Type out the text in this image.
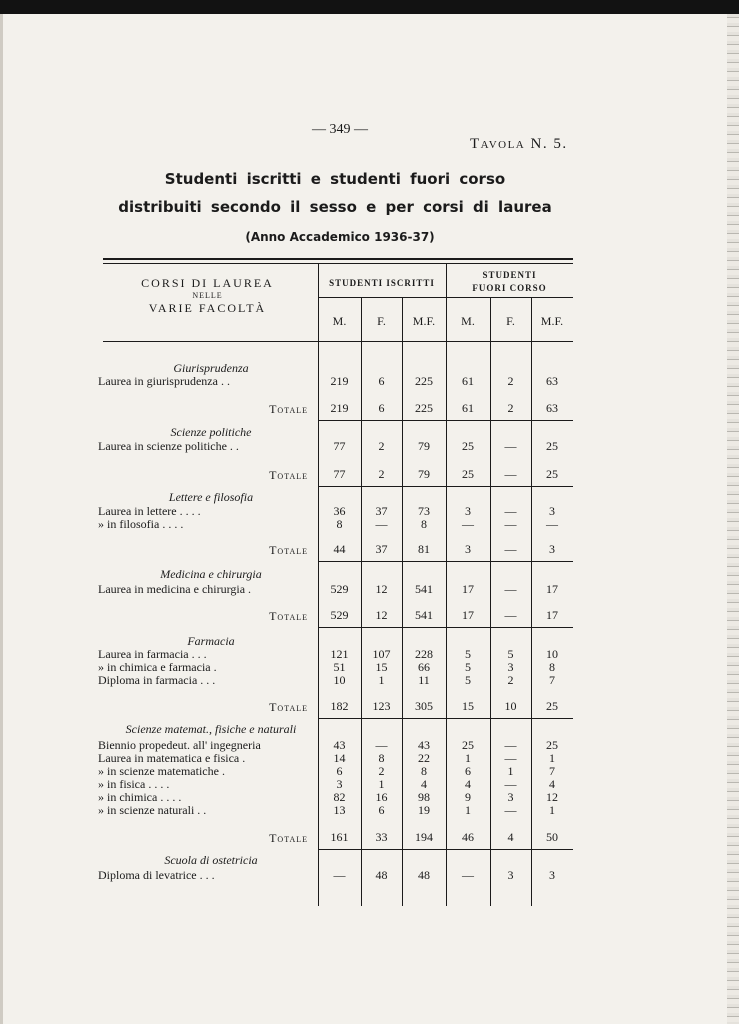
— 349 —
Tavola N. 5.
Studenti iscritti e studenti fuori corso
distribuiti secondo il sesso e per corsi di laurea
(Anno Accademico 1936-37)
CORSI DI LAUREA
NELLE
VARIE FACOLTÀ
STUDENTI ISCRITTI
STUDENTI
FUORI CORSO
M.	F.	M.F.	M.	F.	M.F.
Giurisprudenza
Laurea in giurisprudenza . .	219	6	225	61	2	63
Totale	219	6	225	61	2	63
Scienze politiche
Laurea in scienze politiche . .	77	2	79	25	—	25
Totale	77	2	79	25	—	25
Lettere e filosofia
Laurea in lettere . . . .	36	37	73	3	—	3
» in filosofia . . . .	8	—	8	—	—	—
Totale	44	37	81	3	—	3
Medicina e chirurgia
Laurea in medicina e chirurgia .	529	12	541	17	—	17
Totale	529	12	541	17	—	17
Farmacia
Laurea in farmacia . . .	121	107	228	5	5	10
» in chimica e farmacia .	51	15	66	5	3	8
Diploma in farmacia . . .	10	1	11	5	2	7
Totale	182	123	305	15	10	25
Scienze matemat., fisiche e naturali
Biennio propedeut. all' ingegneria	43	—	43	25	—	25
Laurea in matematica e fisica .	14	8	22	1	—	1
» in scienze matematiche .	6	2	8	6	1	7
» in fisica . . . .	3	1	4	4	—	4
» in chimica . . . .	82	16	98	9	3	12
» in scienze naturali . .	13	6	19	1	—	1
Totale	161	33	194	46	4	50
Scuola di ostetricia
Diploma di levatrice . . .	—	48	48	—	3	3
